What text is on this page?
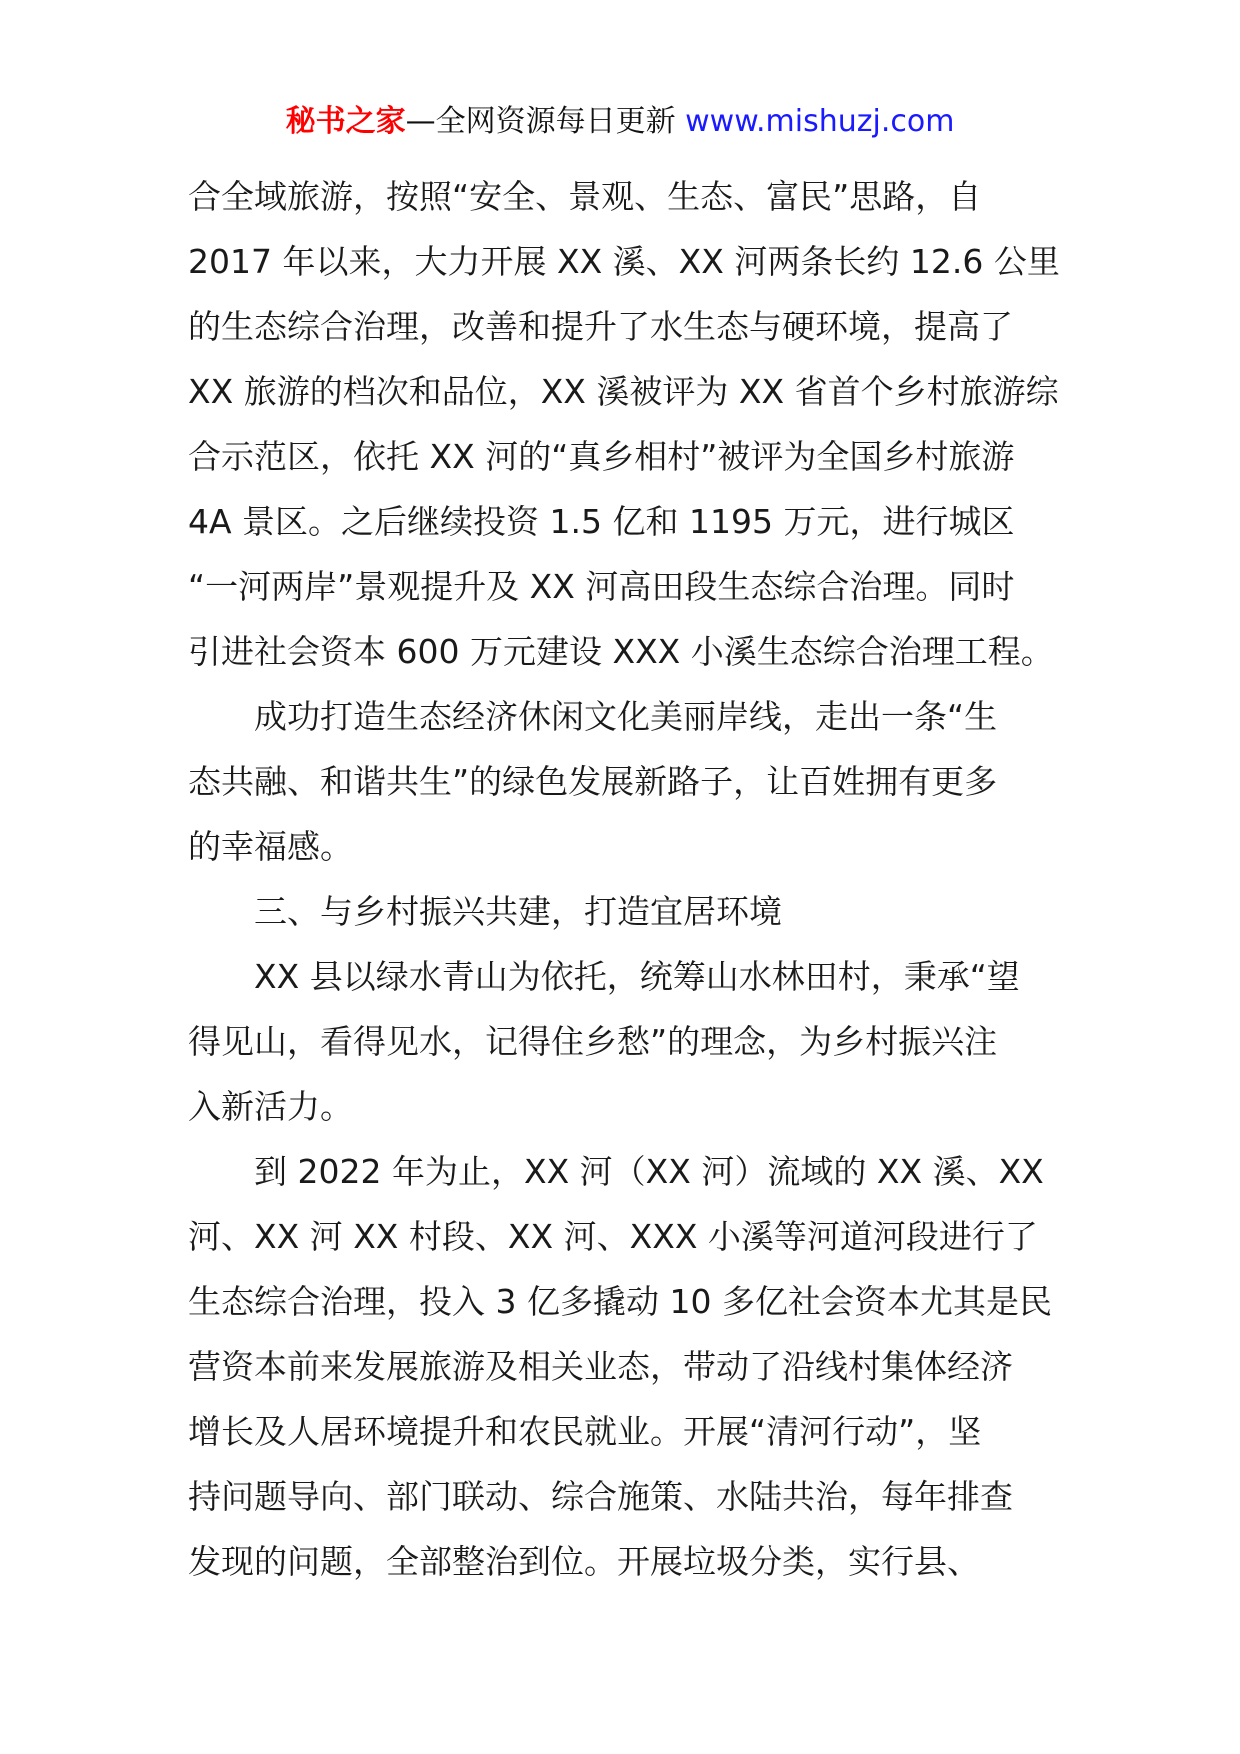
秘书之家—全网资源每日更新 www.mishuzj.com
合全域旅游，按照“安全、景观、生态、富民”思路，自
2017 年以来，大力开展 XX 溪、XX 河两条长约 12.6 公里
的生态综合治理，改善和提升了水生态与硬环境，提高了
XX 旅游的档次和品位，XX 溪被评为 XX 省首个乡村旅游综
合示范区，依托 XX 河的“真乡相村”被评为全国乡村旅游
4A 景区。之后继续投资 1.5 亿和 1195 万元，进行城区
“一河两岸”景观提升及 XX 河高田段生态综合治理。同时
引进社会资本 600 万元建设 XXX 小溪生态综合治理工程。
成功打造生态经济休闲文化美丽岸线，走出一条“生
态共融、和谐共生”的绿色发展新路子，让百姓拥有更多
的幸福感。
三、与乡村振兴共建，打造宜居环境
XX 县以绿水青山为依托，统筹山水林田村，秉承“望
得见山，看得见水，记得住乡愁”的理念，为乡村振兴注
入新活力。
到 2022 年为止，XX 河（XX 河）流域的 XX 溪、XX
河、XX 河 XX 村段、XX 河、XXX 小溪等河道河段进行了
生态综合治理，投入 3 亿多撬动 10 多亿社会资本尤其是民
营资本前来发展旅游及相关业态，带动了沿线村集体经济
增长及人居环境提升和农民就业。开展“清河行动”，坚
持问题导向、部门联动、综合施策、水陆共治，每年排查
发现的问题，全部整治到位。开展垃圾分类，实行县、
